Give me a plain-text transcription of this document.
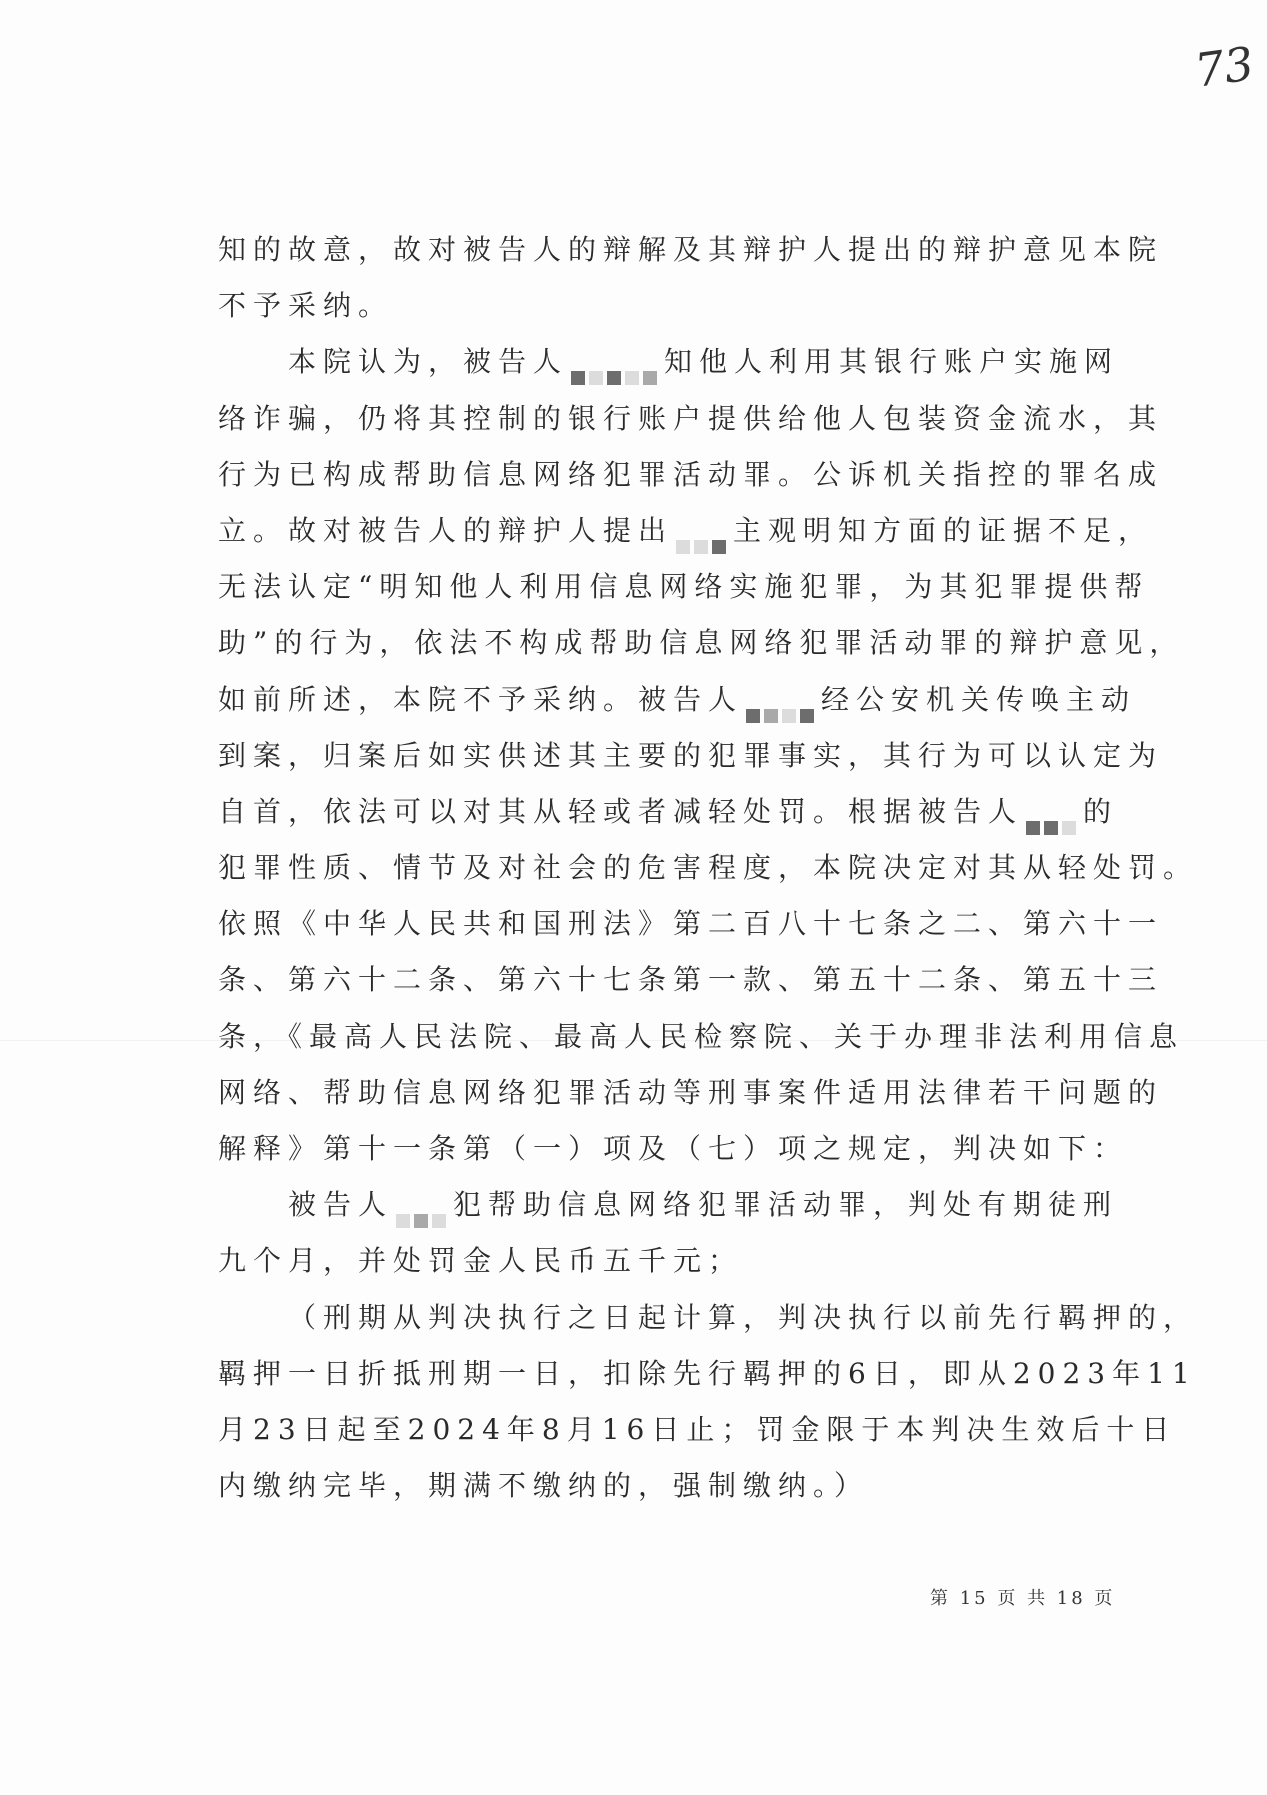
73
知的故意，故对被告人的辩解及其辩护人提出的辩护意见本院
不予采纳。
本院认为，被告人	知他人利用其银行账户实施网
络诈骗，仍将其控制的银行账户提供给他人包装资金流水，其
行为已构成帮助信息网络犯罪活动罪。公诉机关指控的罪名成
立。故对被告人的辩护人提出 主观明知方面的证据不足，
无法认定“明知他人利用信息网络实施犯罪，为其犯罪提供帮
助”的行为，依法不构成帮助信息网络犯罪活动罪的辩护意见，
如前所述，本院不予采纳。被告人	经公安机关传唤主动
到案，归案后如实供述其主要的犯罪事实，其行为可以认定为
自首，依法可以对其从轻或者减轻处罚。根据被告人 的
犯罪性质、情节及对社会的危害程度，本院决定对其从轻处罚。
依照《中华人民共和国刑法》第二百八十七条之二、第六十一
条、第六十二条、第六十七条第一款、第五十二条、第五十三
条，《最高人民法院、最高人民检察院、关于办理非法利用信息
网络、帮助信息网络犯罪活动等刑事案件适用法律若干问题的
解释》第十一条第（一）项及（七）项之规定，判决如下：
被告人 犯帮助信息网络犯罪活动罪，判处有期徒刑
九个月，并处罚金人民币五千元；
（刑期从判决执行之日起计算，判决执行以前先行羁押的，
羁押一日折抵刑期一日，扣除先行羁押的6日，即从2023年11
月23日起至2024年8月16日止；罚金限于本判决生效后十日
内缴纳完毕，期满不缴纳的，强制缴纳。）
第 15 页 共 18 页
